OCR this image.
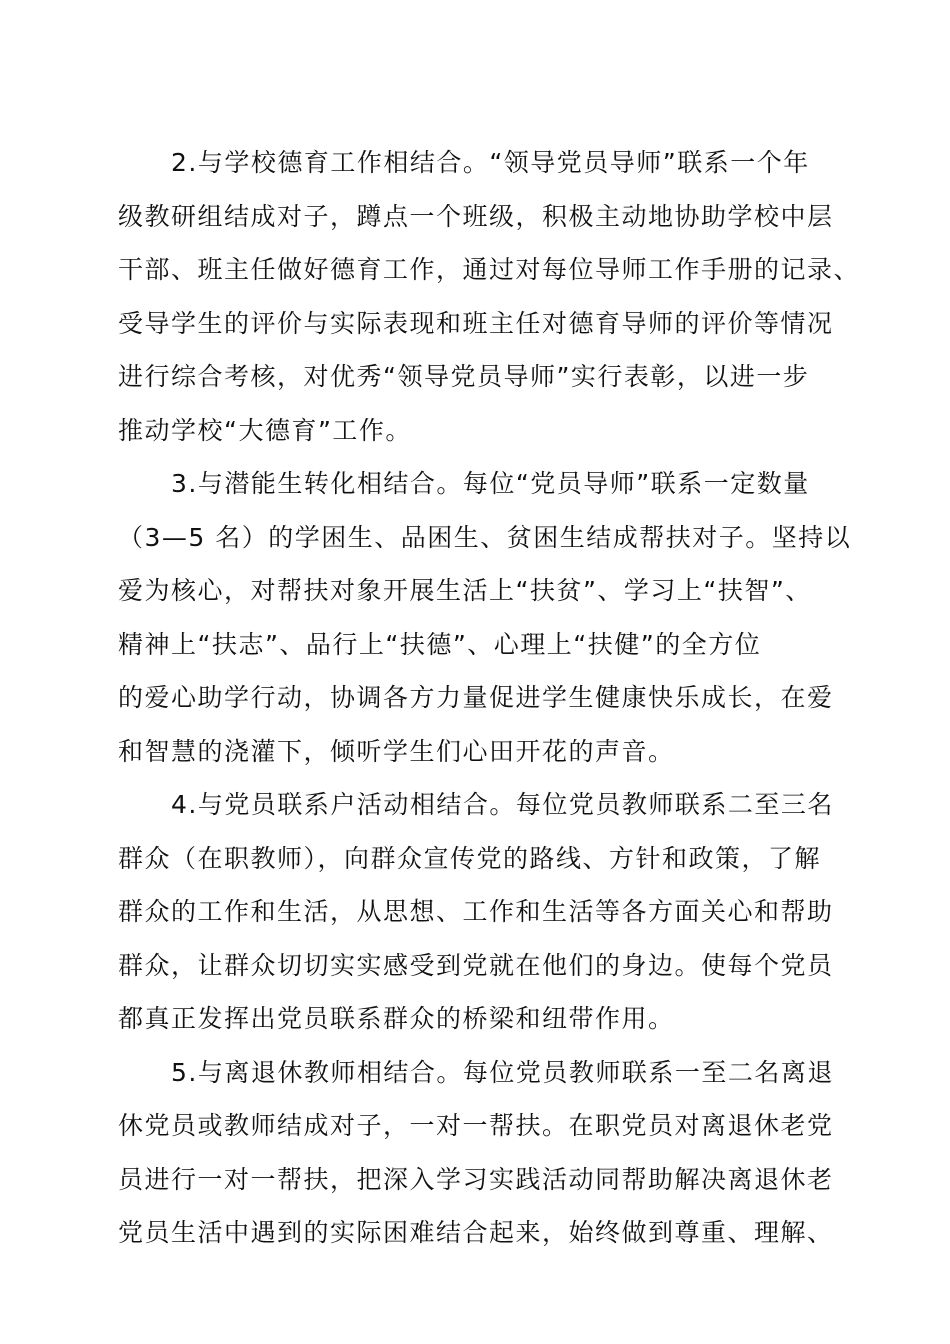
2.与学校德育工作相结合。“领导党员导师”联系一个年
级教研组结成对子，蹲点一个班级，积极主动地协助学校中层
干部、班主任做好德育工作，通过对每位导师工作手册的记录、
受导学生的评价与实际表现和班主任对德育导师的评价等情况
进行综合考核，对优秀“领导党员导师”实行表彰，以进一步
推动学校“大德育”工作。
3.与潜能生转化相结合。每位“党员导师”联系一定数量
（3—5 名）的学困生、品困生、贫困生结成帮扶对子。坚持以
爱为核心，对帮扶对象开展生活上“扶贫”、学习上“扶智”、
精神上“扶志”、品行上“扶德”、心理上“扶健”的全方位
的爱心助学行动，协调各方力量促进学生健康快乐成长，在爱
和智慧的浇灌下，倾听学生们心田开花的声音。
4.与党员联系户活动相结合。每位党员教师联系二至三名
群众（在职教师），向群众宣传党的路线、方针和政策，了解
群众的工作和生活，从思想、工作和生活等各方面关心和帮助
群众，让群众切切实实感受到党就在他们的身边。使每个党员
都真正发挥出党员联系群众的桥梁和纽带作用。
5.与离退休教师相结合。每位党员教师联系一至二名离退
休党员或教师结成对子，一对一帮扶。在职党员对离退休老党
员进行一对一帮扶，把深入学习实践活动同帮助解决离退休老
党员生活中遇到的实际困难结合起来，始终做到尊重、理解、
